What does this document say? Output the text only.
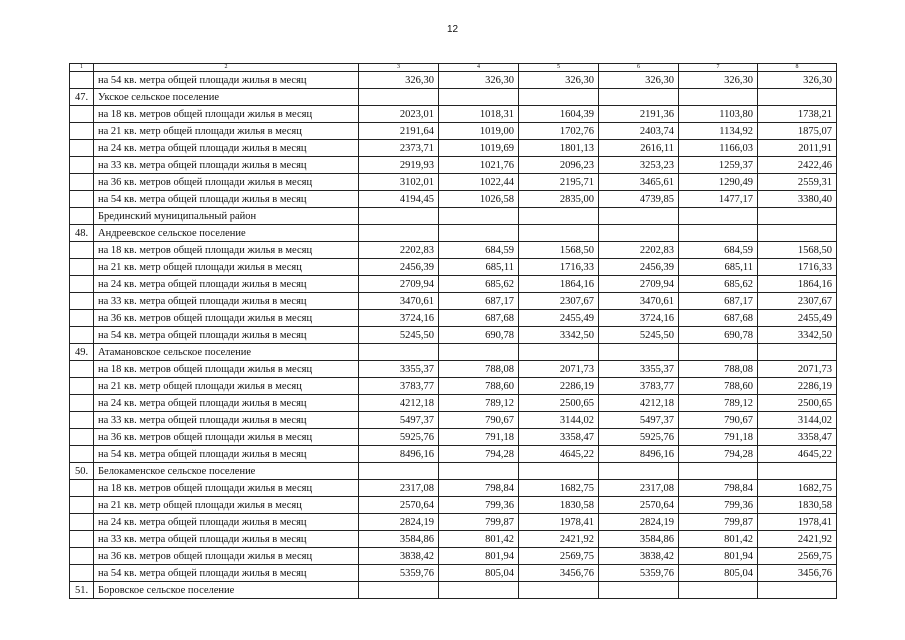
12
1	2	3	4	5	6	7	8
	на 54 кв. метра общей площади жилья в месяц	326,30	326,30	326,30	326,30	326,30	326,30
47.	Укское сельское поселение						
	на 18 кв. метров общей площади жилья в месяц	2023,01	1018,31	1604,39	2191,36	1103,80	1738,21
	на 21 кв. метр общей площади жилья в месяц	2191,64	1019,00	1702,76	2403,74	1134,92	1875,07
	на 24 кв. метра общей площади жилья в месяц	2373,71	1019,69	1801,13	2616,11	1166,03	2011,91
	на 33 кв. метра общей площади жилья в месяц	2919,93	1021,76	2096,23	3253,23	1259,37	2422,46
	на 36 кв. метров общей площади жилья в месяц	3102,01	1022,44	2195,71	3465,61	1290,49	2559,31
	на 54 кв. метра общей площади жилья в месяц	4194,45	1026,58	2835,00	4739,85	1477,17	3380,40
	Брединский муниципальный район						
48.	Андреевское сельское поселение						
	на 18 кв. метров общей площади жилья в месяц	2202,83	684,59	1568,50	2202,83	684,59	1568,50
	на 21 кв. метр общей площади жилья в месяц	2456,39	685,11	1716,33	2456,39	685,11	1716,33
	на 24 кв. метра общей площади жилья в месяц	2709,94	685,62	1864,16	2709,94	685,62	1864,16
	на 33 кв. метра общей площади жилья в месяц	3470,61	687,17	2307,67	3470,61	687,17	2307,67
	на 36 кв. метров общей площади жилья в месяц	3724,16	687,68	2455,49	3724,16	687,68	2455,49
	на 54 кв. метра общей площади жилья в месяц	5245,50	690,78	3342,50	5245,50	690,78	3342,50
49.	Атамановское сельское поселение						
	на 18 кв. метров общей площади жилья в месяц	3355,37	788,08	2071,73	3355,37	788,08	2071,73
	на 21 кв. метр общей площади жилья в месяц	3783,77	788,60	2286,19	3783,77	788,60	2286,19
	на 24 кв. метра общей площади жилья в месяц	4212,18	789,12	2500,65	4212,18	789,12	2500,65
	на 33 кв. метра общей площади жилья в месяц	5497,37	790,67	3144,02	5497,37	790,67	3144,02
	на 36 кв. метров общей площади жилья в месяц	5925,76	791,18	3358,47	5925,76	791,18	3358,47
	на 54 кв. метра общей площади жилья в месяц	8496,16	794,28	4645,22	8496,16	794,28	4645,22
50.	Белокаменское сельское поселение						
	на 18 кв. метров общей площади жилья в месяц	2317,08	798,84	1682,75	2317,08	798,84	1682,75
	на 21 кв. метр общей площади жилья в месяц	2570,64	799,36	1830,58	2570,64	799,36	1830,58
	на 24 кв. метра общей площади жилья в месяц	2824,19	799,87	1978,41	2824,19	799,87	1978,41
	на 33 кв. метра общей площади жилья в месяц	3584,86	801,42	2421,92	3584,86	801,42	2421,92
	на 36 кв. метров общей площади жилья в месяц	3838,42	801,94	2569,75	3838,42	801,94	2569,75
	на 54 кв. метра общей площади жилья в месяц	5359,76	805,04	3456,76	5359,76	805,04	3456,76
51.	Боровское сельское поселение						
